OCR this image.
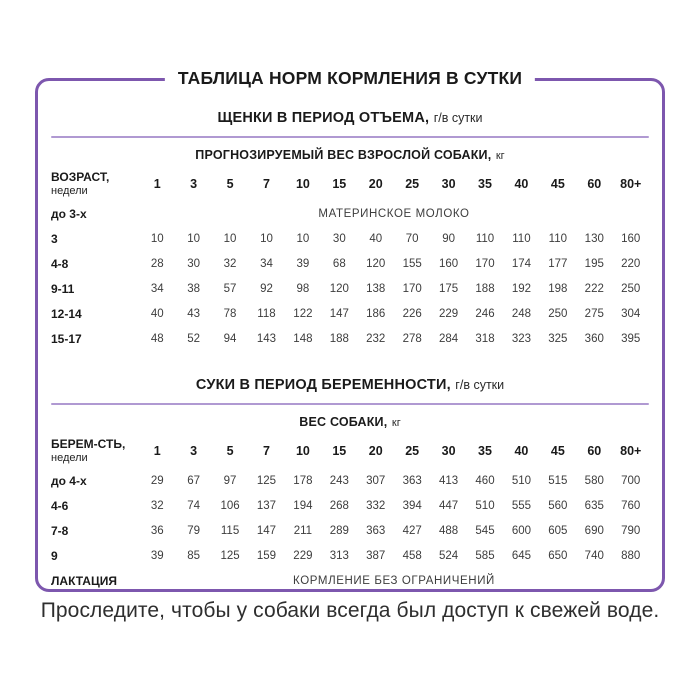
ТАБЛИЦА НОРМ КОРМЛЕНИЯ В СУТКИ
ЩЕНКИ В ПЕРИОД ОТЪЕМА, г/в сутки
ПРОГНОЗИРУЕМЫЙ ВЕС ВЗРОСЛОЙ СОБАКИ, кг
ВОЗРАСТ,
недели	1	3	5	7	10	15	20	25	30	35	40	45	60	80+
до 3-х	МАТЕРИНСКОЕ МОЛОКО													
3	10	10	10	10	10	30	40	70	90	110	110	110	130	160
4-8	28	30	32	34	39	68	120	155	160	170	174	177	195	220
9-11	34	38	57	92	98	120	138	170	175	188	192	198	222	250
12-14	40	43	78	118	122	147	186	226	229	246	248	250	275	304
15-17	48	52	94	143	148	188	232	278	284	318	323	325	360	395
СУКИ В ПЕРИОД БЕРЕМЕННОСТИ, г/в сутки
ВЕС СОБАКИ, кг
БЕРЕМ-СТЬ,
недели	1	3	5	7	10	15	20	25	30	35	40	45	60	80+
до 4-х	29	67	97	125	178	243	307	363	413	460	510	515	580	700
4-6	32	74	106	137	194	268	332	394	447	510	555	560	635	760
7-8	36	79	115	147	211	289	363	427	488	545	600	605	690	790
9	39	85	125	159	229	313	387	458	524	585	645	650	740	880
ЛАКТАЦИЯ	КОРМЛЕНИЕ БЕЗ ОГРАНИЧЕНИЙ													
Проследите, чтобы у собаки всегда был доступ к свежей воде.
